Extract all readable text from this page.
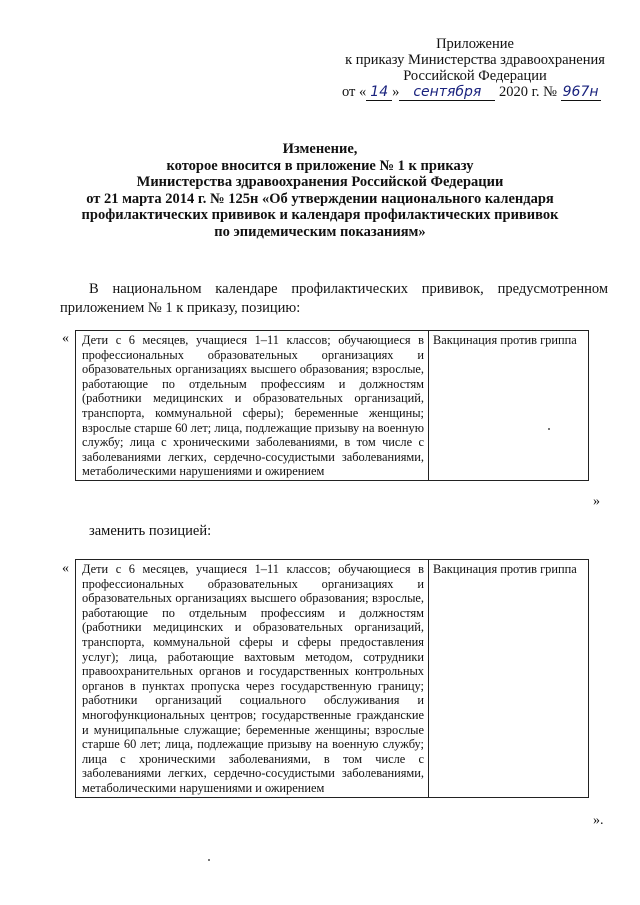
Приложение
к приказу Министерства здравоохранения
Российской Федерации
от « 14 » сентября 2020 г. № 967н
Изменение,
которое вносится в приложение № 1 к приказу
Министерства здравоохранения Российской Федерации
от 21 марта 2014 г. № 125н «Об утверждении национального календаря
профилактических прививок и календаря профилактических прививок
по эпидемическим показаниям»
В национальном календаре профилактических прививок, предусмотренном приложением № 1 к приказу, позицию:
«	Дети с 6 месяцев, учащиеся 1–11 классов; обучающиеся в профессиональных образовательных организациях и образовательных организациях высшего образования; взрослые, работающие по отдельным профессиям и должностям (работники медицинских и образовательных организаций, транспорта, коммунальной сферы); беременные женщины; взрослые старше 60 лет; лица, подлежащие призыву на военную службу; лица с хроническими заболеваниями, в том числе с заболеваниями легких, сердечно-сосудистыми заболеваниями, метаболическими нарушениями и ожирением
Вакцинация против гриппа
»
заменить позицией:
«	Дети с 6 месяцев, учащиеся 1–11 классов; обучающиеся в профессиональных образовательных организациях и образовательных организациях высшего образования; взрослые, работающие по отдельным профессиям и должностям (работники медицинских и образовательных организаций, транспорта, коммунальной сферы и сферы предоставления услуг); лица, работающие вахтовым методом, сотрудники правоохранительных органов и государственных контрольных органов в пунктах пропуска через государственную границу; работники организаций социального обслуживания и многофункциональных центров; государственные гражданские и муниципальные служащие; беременные женщины; взрослые старше 60 лет; лица, подлежащие призыву на военную службу; лица с хроническими заболеваниями, в том числе с заболеваниями легких, сердечно-сосудистыми заболеваниями, метаболическими нарушениями и ожирением
Вакцинация против гриппа
».
